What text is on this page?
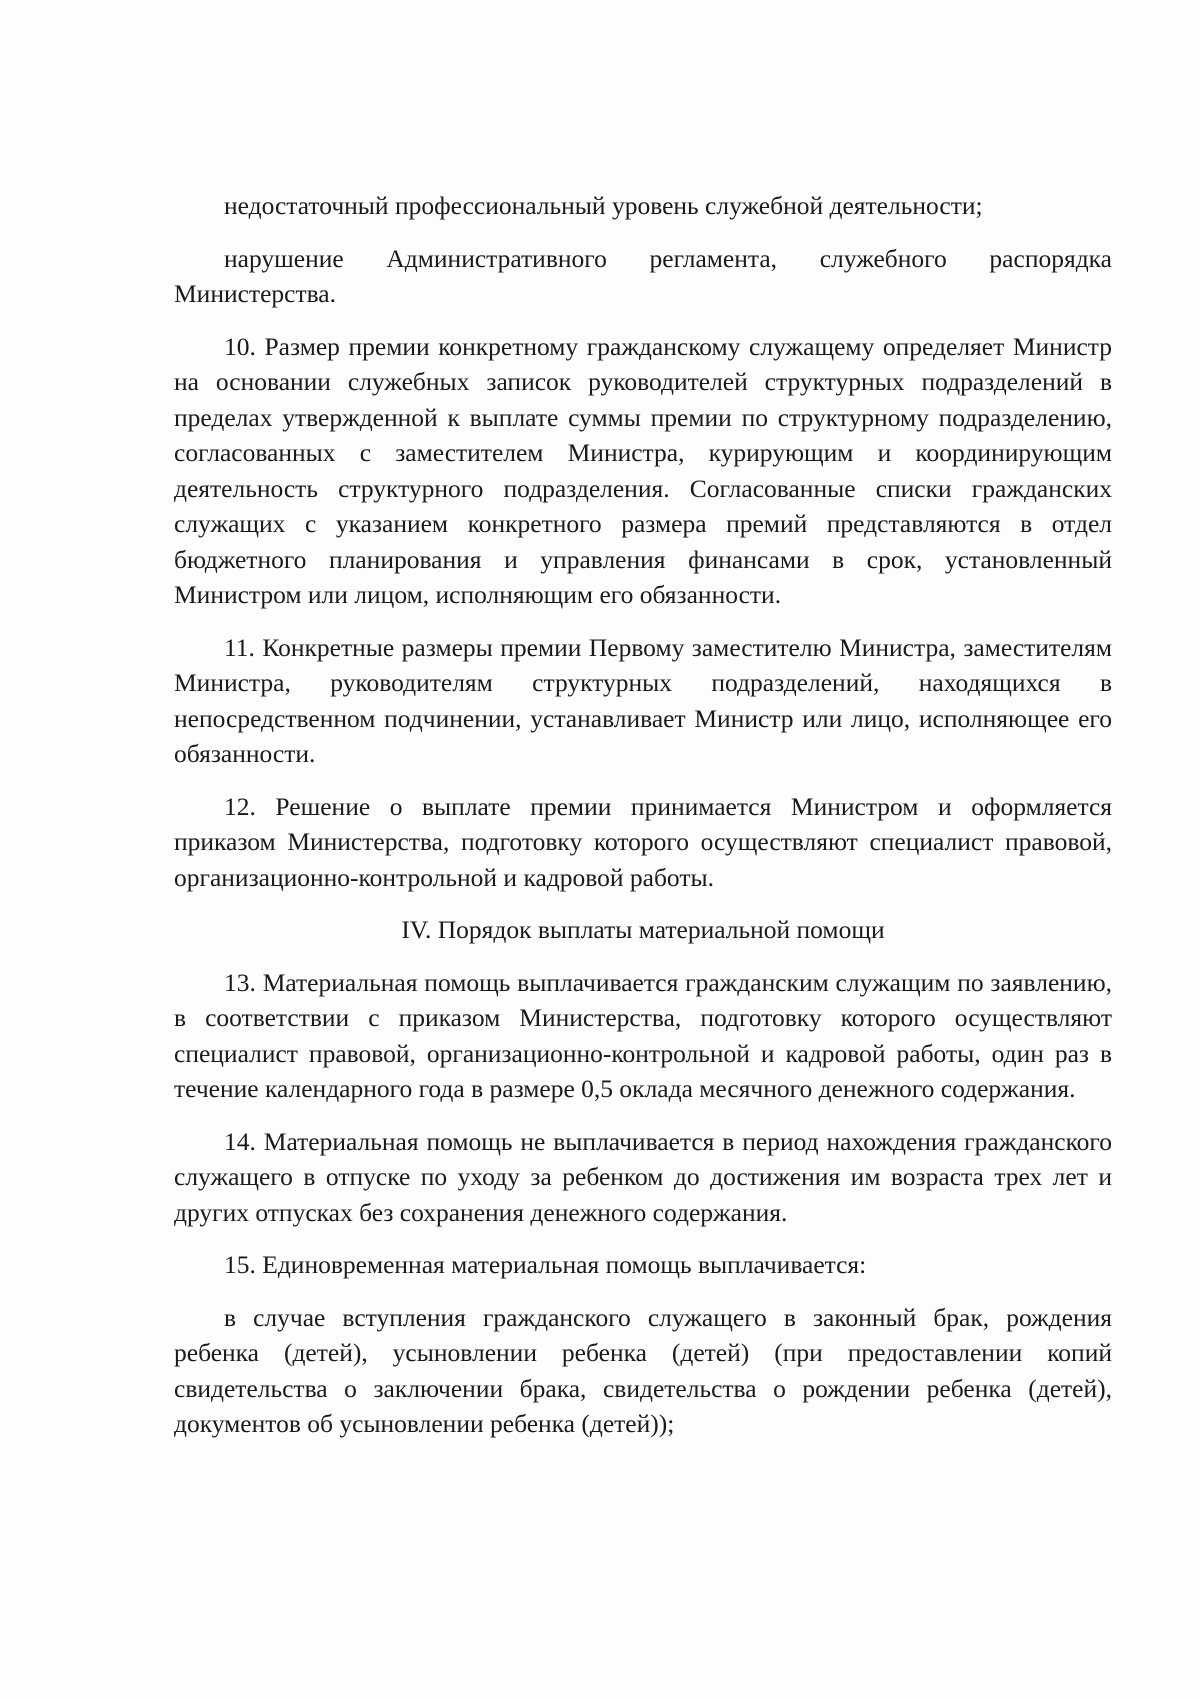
недостаточный профессиональный уровень служебной деятельности;

нарушение Административного регламента, служебного распорядка Министерства.

10. Размер премии конкретному гражданскому служащему определяет Министр на основании служебных записок руководителей структурных подразделений в пределах утвержденной к выплате суммы премии по структурному подразделению, согласованных с заместителем Министра, курирующим и координирующим деятельность структурного подразделения. Согласованные списки гражданских служащих с указанием конкретного размера премий представляются в отдел бюджетного планирования и управления финансами в срок, установленный Министром или лицом, исполняющим его обязанности.

11. Конкретные размеры премии Первому заместителю Министра, заместителям Министра, руководителям структурных подразделений, находящихся в непосредственном подчинении, устанавливает Министр или лицо, исполняющее его обязанности.

12. Решение о выплате премии принимается Министром и оформляется приказом Министерства, подготовку которого осуществляют специалист правовой, организационно-контрольной и кадровой работы.

IV. Порядок выплаты материальной помощи

13. Материальная помощь выплачивается гражданским служащим по заявлению, в соответствии с приказом Министерства, подготовку которого осуществляют специалист правовой, организационно-контрольной и кадровой работы, один раз в течение календарного года в размере 0,5 оклада месячного денежного содержания.

14. Материальная помощь не выплачивается в период нахождения гражданского служащего в отпуске по уходу за ребенком до достижения им возраста трех лет и других отпусках без сохранения денежного содержания.

15. Единовременная материальная помощь выплачивается:

в случае вступления гражданского служащего в законный брак, рождения ребенка (детей), усыновлении ребенка (детей) (при предоставлении копий свидетельства о заключении брака, свидетельства о рождении ребенка (детей), документов об усыновлении ребенка (детей));
